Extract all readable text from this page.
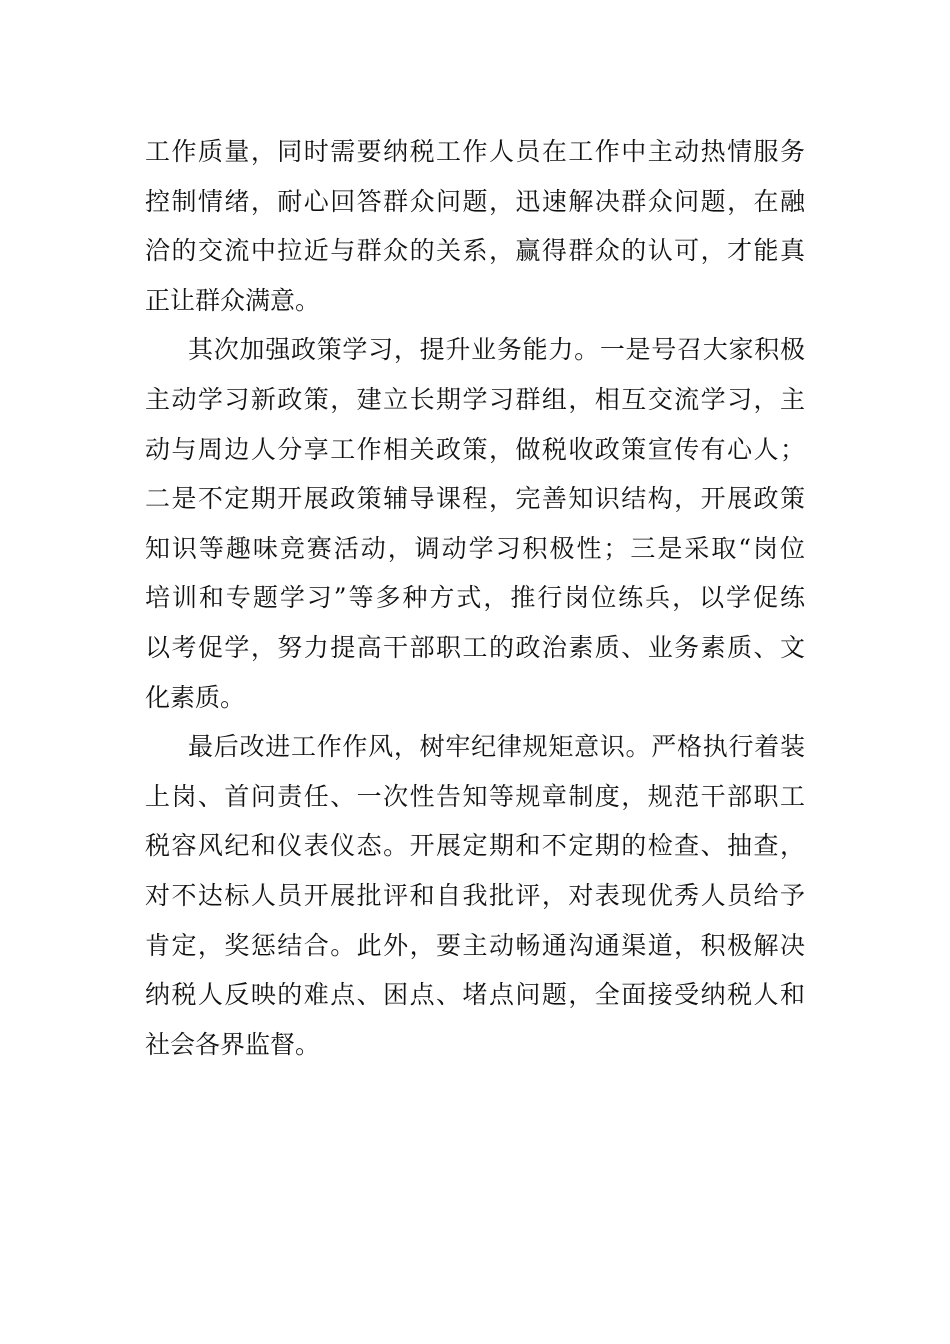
工作质量，同时需要纳税工作人员在工作中主动热情服务
控制情绪，耐心回答群众问题，迅速解决群众问题，在融
洽的交流中拉近与群众的关系，赢得群众的认可，才能真
正让群众满意。
其次加强政策学习，提升业务能力。一是号召大家积极
主动学习新政策，建立长期学习群组，相互交流学习，主
动与周边人分享工作相关政策，做税收政策宣传有心人；
二是不定期开展政策辅导课程，完善知识结构，开展政策
知识等趣味竞赛活动，调动学习积极性；三是采取“岗位
培训和专题学习”等多种方式，推行岗位练兵，以学促练
以考促学，努力提高干部职工的政治素质、业务素质、文
化素质。
最后改进工作作风，树牢纪律规矩意识。严格执行着装
上岗、首问责任、一次性告知等规章制度，规范干部职工
税容风纪和仪表仪态。开展定期和不定期的检查、抽查，
对不达标人员开展批评和自我批评，对表现优秀人员给予
肯定，奖惩结合。此外，要主动畅通沟通渠道，积极解决
纳税人反映的难点、困点、堵点问题，全面接受纳税人和
社会各界监督。
